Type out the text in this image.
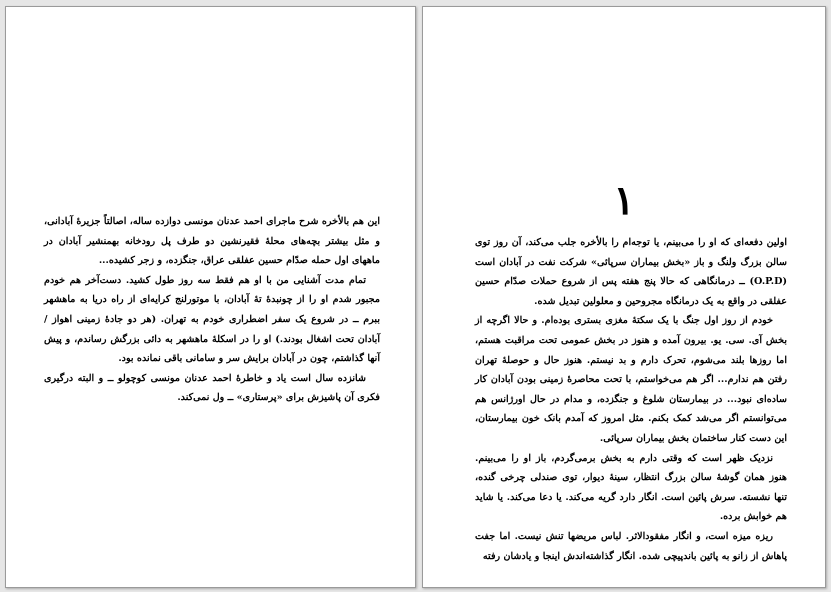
این هم بالأخره شرح ماجرای احمد عدنان مونسی دوازده ساله، اصالتاً جزیرهٔ آبادانی، و مثل بیشتر بچه‌های محلهٔ فقیرنشین دو طرف پل رودخانه بهمنشیر آبادان در ماههای اول حمله صدّام حسین عفلقی عراق، جنگزده، و زجر کشیده...

تمام مدت آشنایی من با او هم فقط سه روز طول کشید. دست‌آخر هم خودم مجبور شدم او را از چونبدهٔ تهٔ آبادان، با موتورلنج کرایه‌ای از راه دریا به ماهشهر ببرم ــ در شروع یک سفر اضطراری خودم به تهران. (هر دو جادهٔ زمینی اهواز / آبادان تحت اشغال بودند.) او را در اسکلهٔ ماهشهر به دائی بزرگش رساندم، و پیش آنها گذاشتم، چون در آبادان برایش سر و سامانی باقی نمانده بود.

شانزده سال است یاد و خاطرهٔ احمد عدنان مونسی کوچولو ــ و البته درگیری فکری آن پاشیزش برای «پرستاری» ــ ول نمی‌کند.

۱

اولین دفعه‌ای که او را می‌بینم، یا توجه‌ام را بالأخره جلب می‌کند، آن روز توی سالن بزرگ ولنگ و باز «بخش بیماران سرپائی» شرکت نفت در آبادان است (O.P.D) ــ درمانگاهی که حالا پنج هفته پس از شروع حملات صدّام حسین عفلقی در واقع به یک درمانگاه مجروحین و معلولین تبدیل شده.

خودم از روز اول جنگ با یک سکتهٔ مغزی بستری بوده‌ام. و حالا اگرچه از بخش آی. سی. یو. بیرون آمده و هنوز در بخش عمومی تحت مراقبت هستم، اما روزها بلند می‌شوم، تحرک دارم و بد نیستم. هنوز حال و حوصلهٔ تهران رفتن هم ندارم... اگر هم می‌خواستم، با تحت محاصرهٔ زمینی بودن آبادان کار ساده‌ای نبود... در بیمارستان شلوغ و جنگزده، و مدام در حال اورژانس هم می‌توانستم اگر می‌شد کمک بکنم. مثل امروز که آمدم بانک خون بیمارستان، این دست کنار ساختمان بخش بیماران سرپائی.

نزدیک ظهر است که وقتی دارم به بخش برمی‌گردم، باز او را می‌بینم. هنوز همان گوشهٔ سالن بزرگ انتظار، سینهٔ دیوار، توی صندلی چرخی گنده، تنها نشسته. سرش پائین است. انگار دارد گریه می‌کند. یا دعا می‌کند. یا شاید هم خوابش برده.

ریزه میزه است، و انگار مفقودالاثر. لباس مریضها تنش نیست. اما جفت پاهاش از زانو به پائین باندپیچی شده. انگار گذاشته‌اندش اینجا و یادشان رفته
